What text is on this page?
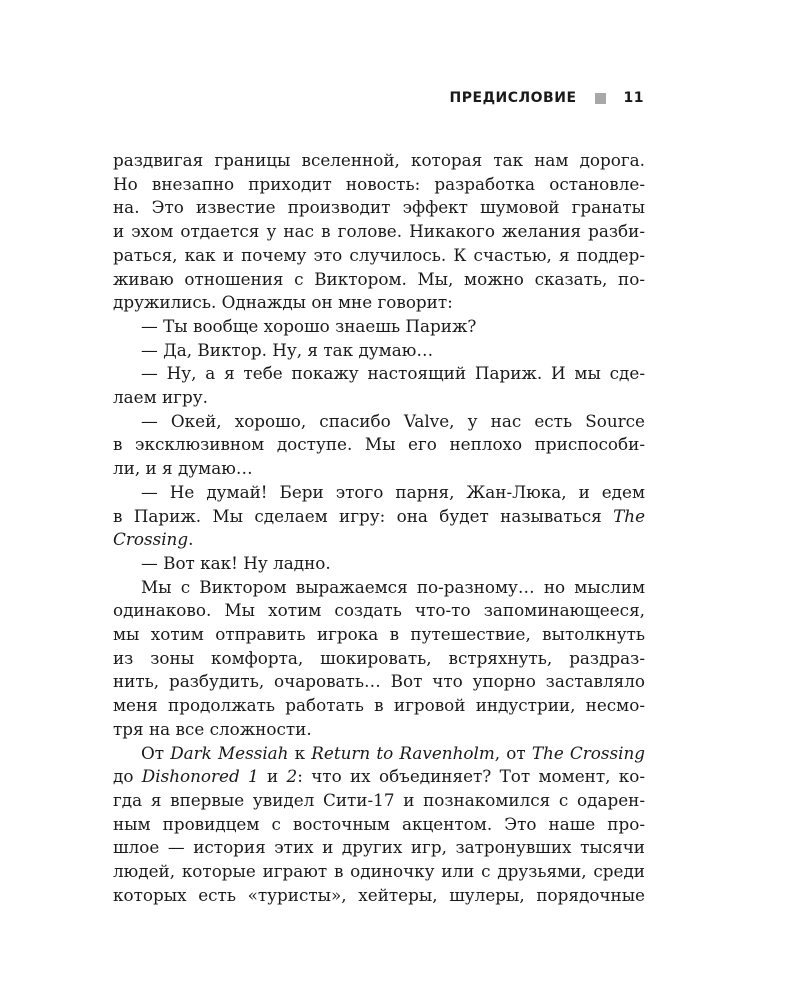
ПРЕДИСЛОВИЕ	11
раздвигая границы вселенной, которая так нам дорога.
Но внезапно приходит новость: разработка остановле-
на. Это известие производит эффект шумовой гранаты
и эхом отдается у нас в голове. Никакого желания разби-
раться, как и почему это случилось. К счастью, я поддер-
живаю отношения с Виктором. Мы, можно сказать, по-
дружились. Однажды он мне говорит:
— Ты вообще хорошо знаешь Париж?
— Да, Виктор. Ну, я так думаю…
— Ну, а я тебе покажу настоящий Париж. И мы сде-
лаем игру.
— Окей, хорошо, спасибо Valve, у нас есть Source
в эксклюзивном доступе. Мы его неплохо приспособи-
ли, и я думаю…
— Не думай! Бери этого парня, Жан-Люка, и едем
в Париж. Мы сделаем игру: она будет называться The
Crossing.
— Вот как! Ну ладно.
Мы с Виктором выражаемся по-разному… но мыслим
одинаково. Мы хотим создать что-то запоминающееся,
мы хотим отправить игрока в путешествие, вытолкнуть
из зоны комфорта, шокировать, встряхнуть, раздраз-
нить, разбудить, очаровать… Вот что упорно заставляло
меня продолжать работать в игровой индустрии, несмо-
тря на все сложности.
От Dark Messiah к Return to Ravenholm, от The Crossing
до Dishonored 1 и 2: что их объединяет? Тот момент, ко-
гда я впервые увидел Сити-17 и познакомился с одарен-
ным провидцем с восточным акцентом. Это наше про-
шлое — история этих и других игр, затронувших тысячи
людей, которые играют в одиночку или с друзьями, среди
которых есть «туристы», хейтеры, шулеры, порядочные
